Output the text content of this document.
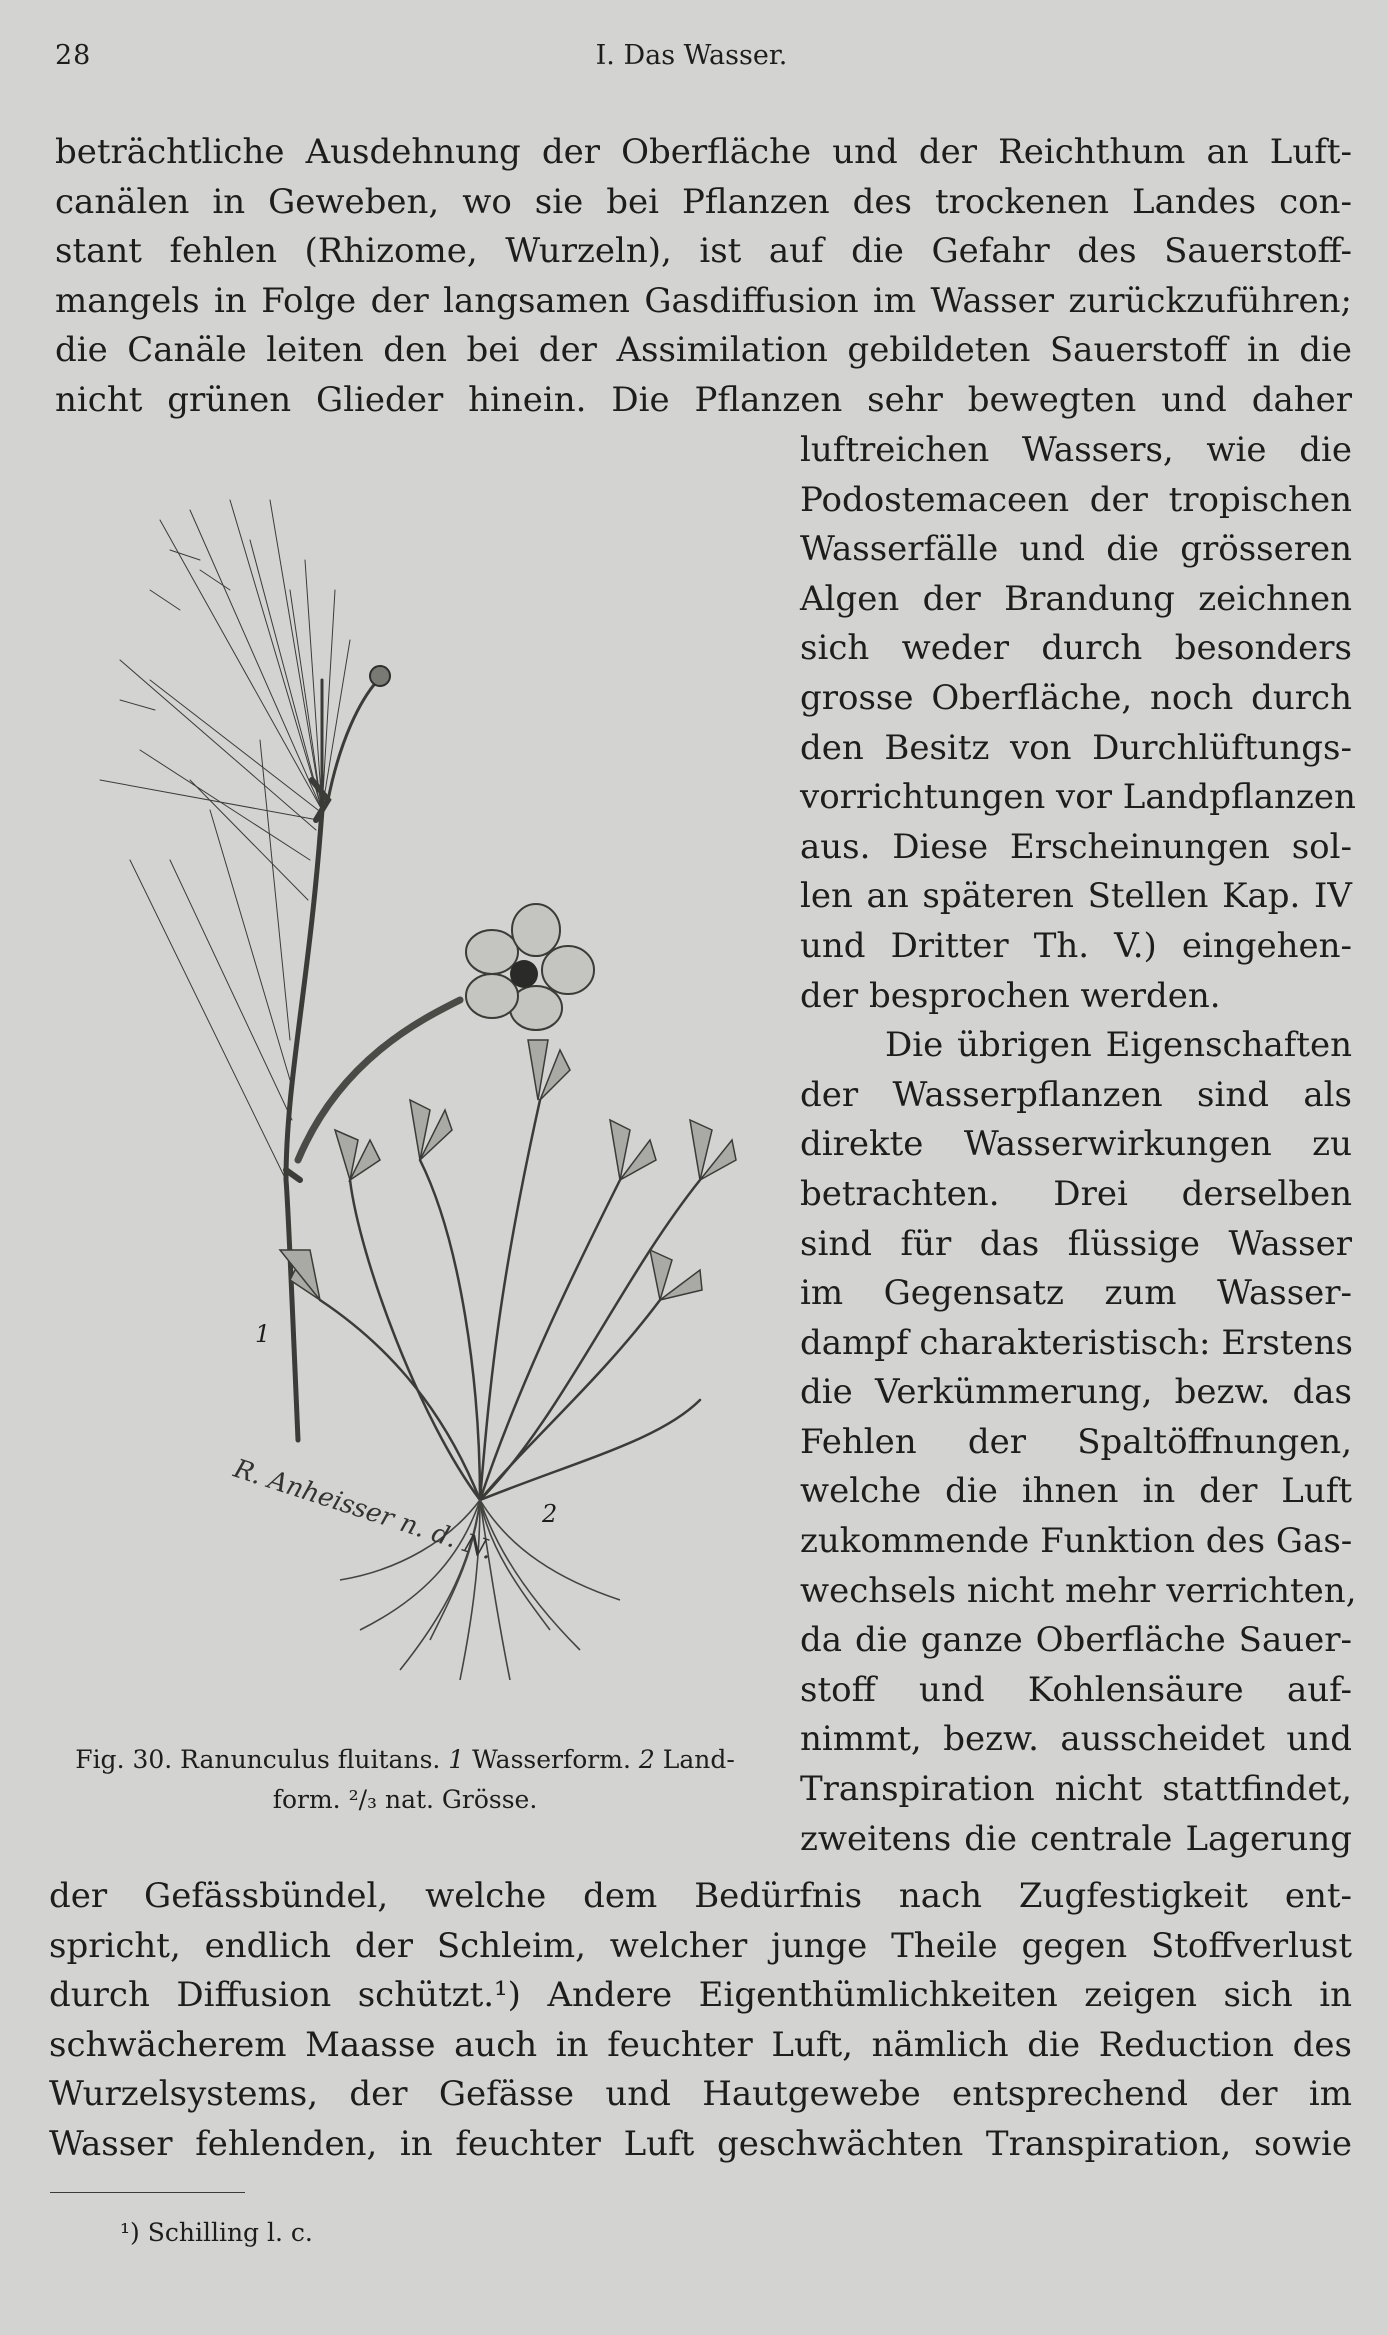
28	I. Das Wasser.
beträchtliche Ausdehnung der Oberfläche und der Reichthum an Luft-
canälen in Geweben, wo sie bei Pflanzen des trockenen Landes con-
stant fehlen (Rhizome, Wurzeln), ist auf die Gefahr des Sauerstoff-
mangels in Folge der langsamen Gasdiffusion im Wasser zurückzuführen;
die Canäle leiten den bei der Assimilation gebildeten Sauerstoff in die
nicht grünen Glieder hinein. Die Pflanzen sehr bewegten und daher
luftreichen Wassers, wie die
Podostemaceen der tropischen
Wasserfälle und die grösseren
Algen der Brandung zeichnen
sich weder durch besonders
grosse Oberfläche, noch durch
den Besitz von Durchlüftungs-
vorrichtungen vor Landpflanzen
aus. Diese Erscheinungen sol-
len an späteren Stellen Kap. IV
und Dritter Th. V.) eingehen-
der besprochen werden.
Die übrigen Eigenschaften
der Wasserpflanzen sind als
direkte Wasserwirkungen zu
betrachten. Drei derselben
sind für das flüssige Wasser
im Gegensatz zum Wasser-
dampf charakteristisch: Erstens
die Verkümmerung, bezw. das
Fehlen der Spaltöffnungen,
welche die ihnen in der Luft
zukommende Funktion des Gas-
wechsels nicht mehr verrichten,
da die ganze Oberfläche Sauer-
stoff und Kohlensäure auf-
nimmt, bezw. ausscheidet und
Transpiration nicht stattfindet,
zweitens die centrale Lagerung
1
2
R. Anheisser n. d. N.
Fig. 30. Ranunculus fluitans. 1 Wasserform. 2 Land-
form. ²/₃ nat. Grösse.
der Gefässbündel, welche dem Bedürfnis nach Zugfestigkeit ent-
spricht, endlich der Schleim, welcher junge Theile gegen Stoffverlust
durch Diffusion schützt.¹) Andere Eigenthümlichkeiten zeigen sich in
schwächerem Maasse auch in feuchter Luft, nämlich die Reduction des
Wurzelsystems, der Gefässe und Hautgewebe entsprechend der im
Wasser fehlenden, in feuchter Luft geschwächten Transpiration, sowie
¹) Schilling l. c.
